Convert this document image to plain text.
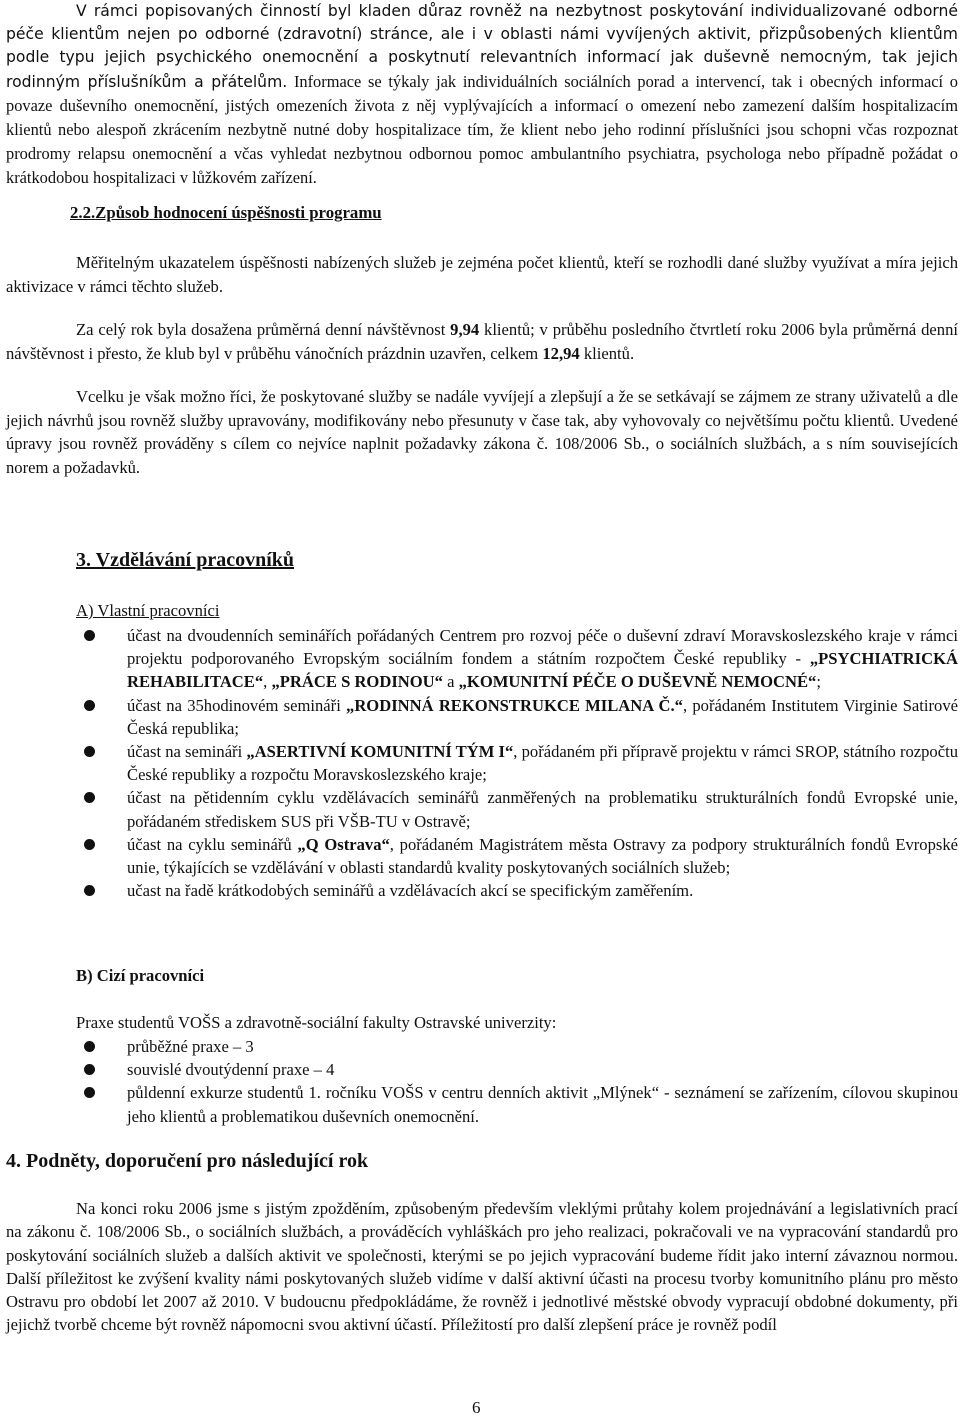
V rámci popisovaných činností byl kladen důraz rovněž na nezbytnost poskytování individualizované odborné péče klientům nejen po odborné (zdravotní) stránce, ale i v oblasti námi vyvíjených aktivit, přizpůsobených klientům podle typu jejich psychického onemocnění a poskytnutí relevantních informací jak duševně nemocným, tak jejich rodinným příslušníkům a přátelům. Informace se týkaly jak individuálních sociálních porad a intervencí, tak i obecných informací o povaze duševního onemocnění, jistých omezeních života z něj vyplývajících a informací o omezení nebo zamezení dalším hospitalizacím klientů nebo alespoň zkrácením nezbytně nutné doby hospitalizace tím, že klient nebo jeho rodinní příslušníci jsou schopni včas rozpoznat prodromy relapsu onemocnění a včas vyhledat nezbytnou odbornou pomoc ambulantního psychiatra, psychologa nebo případně požádat o krátkodobou hospitalizaci v lůžkovém zařízení.

2.2.Způsob hodnocení úspěšnosti programu

Měřitelným ukazatelem úspěšnosti nabízených služeb je zejména počet klientů, kteří se rozhodli dané služby využívat a míra jejich aktivizace v rámci těchto služeb.

Za celý rok byla dosažena průměrná denní návštěvnost 9,94 klientů; v průběhu posledního čtvrtletí roku 2006 byla průměrná denní návštěvnost i přesto, že klub byl v průběhu vánočních prázdnin uzavřen, celkem 12,94 klientů.

Vcelku je však možno říci, že poskytované služby se nadále vyvíjejí a zlepšují a že se setkávají se zájmem ze strany uživatelů a dle jejich návrhů jsou rovněž služby upravovány, modifikovány nebo přesunuty v čase tak, aby vyhovovaly co největšímu počtu klientů. Uvedené úpravy jsou rovněž prováděny s cílem co nejvíce naplnit požadavky zákona č. 108/2006 Sb., o sociálních službách, a s ním souvisejících norem a požadavků.

3. Vzdělávání pracovníků

A) Vlastní pracovníci

účast na dvoudenních seminářích pořádaných Centrem pro rozvoj péče o duševní zdraví Moravskoslezského kraje v rámci projektu podporovaného Evropským sociálním fondem a státním rozpočtem České republiky - „PSYCHIATRICKÁ REHABILITACE“, „PRÁCE S RODINOU“ a „KOMUNITNÍ PÉČE O DUŠEVNĚ NEMOCNÉ“;
účast na 35hodinovém semináři „RODINNÁ REKONSTRUKCE MILANA Č.“, pořádaném Institutem Virginie Satirové Česká republika;
účast na semináři „ASERTIVNÍ KOMUNITNÍ TÝM I“, pořádaném při přípravě projektu v rámci SROP, státního rozpočtu České republiky a rozpočtu Moravskoslezského kraje;
účast na pětidenním cyklu vzdělávacích seminářů zanměřených na problematiku strukturálních fondů Evropské unie, pořádaném střediskem SUS při VŠB-TU v Ostravě;
účast na cyklu seminářů „Q Ostrava“, pořádaném Magistrátem města Ostravy za podpory strukturálních fondů Evropské unie, týkajících se vzdělávání v oblasti standardů kvality poskytovaných sociálních služeb;
učast na řadě krátkodobých seminářů a vzdělávacích akcí se specifickým zaměřením.

B) Cizí pracovníci

Praxe studentů VOŠS a zdravotně-sociální fakulty Ostravské univerzity:

průběžné praxe – 3
souvislé dvoutýdenní praxe – 4
půldenní exkurze studentů 1. ročníku VOŠS v centru denních aktivit „Mlýnek“ - seznámení se zařízením, cílovou skupinou jeho klientů a problematikou duševních onemocnění.

4. Podněty, doporučení pro následující rok

Na konci roku 2006 jsme s jistým zpožděním, způsobeným především vleklými průtahy kolem projednávání a legislativních prací na zákonu č. 108/2006 Sb., o sociálních službách, a prováděcích vyhláškách pro jeho realizaci, pokračovali ve na vypracování standardů pro poskytování sociálních služeb a dalších aktivit ve společnosti, kterými se po jejich vypracování budeme řídit jako interní závaznou normou. Další příležitost ke zvýšení kvality námi poskytovaných služeb vidíme v další aktivní účasti na procesu tvorby komunitního plánu pro město Ostravu pro období let 2007 až 2010. V budoucnu předpokládáme, že rovněž i jednotlivé městské obvody vypracují obdobné dokumenty, při jejichž tvorbě chceme být rovněž nápomocni svou aktivní účastí. Příležitostí pro další zlepšení práce je rovněž podíl

6
